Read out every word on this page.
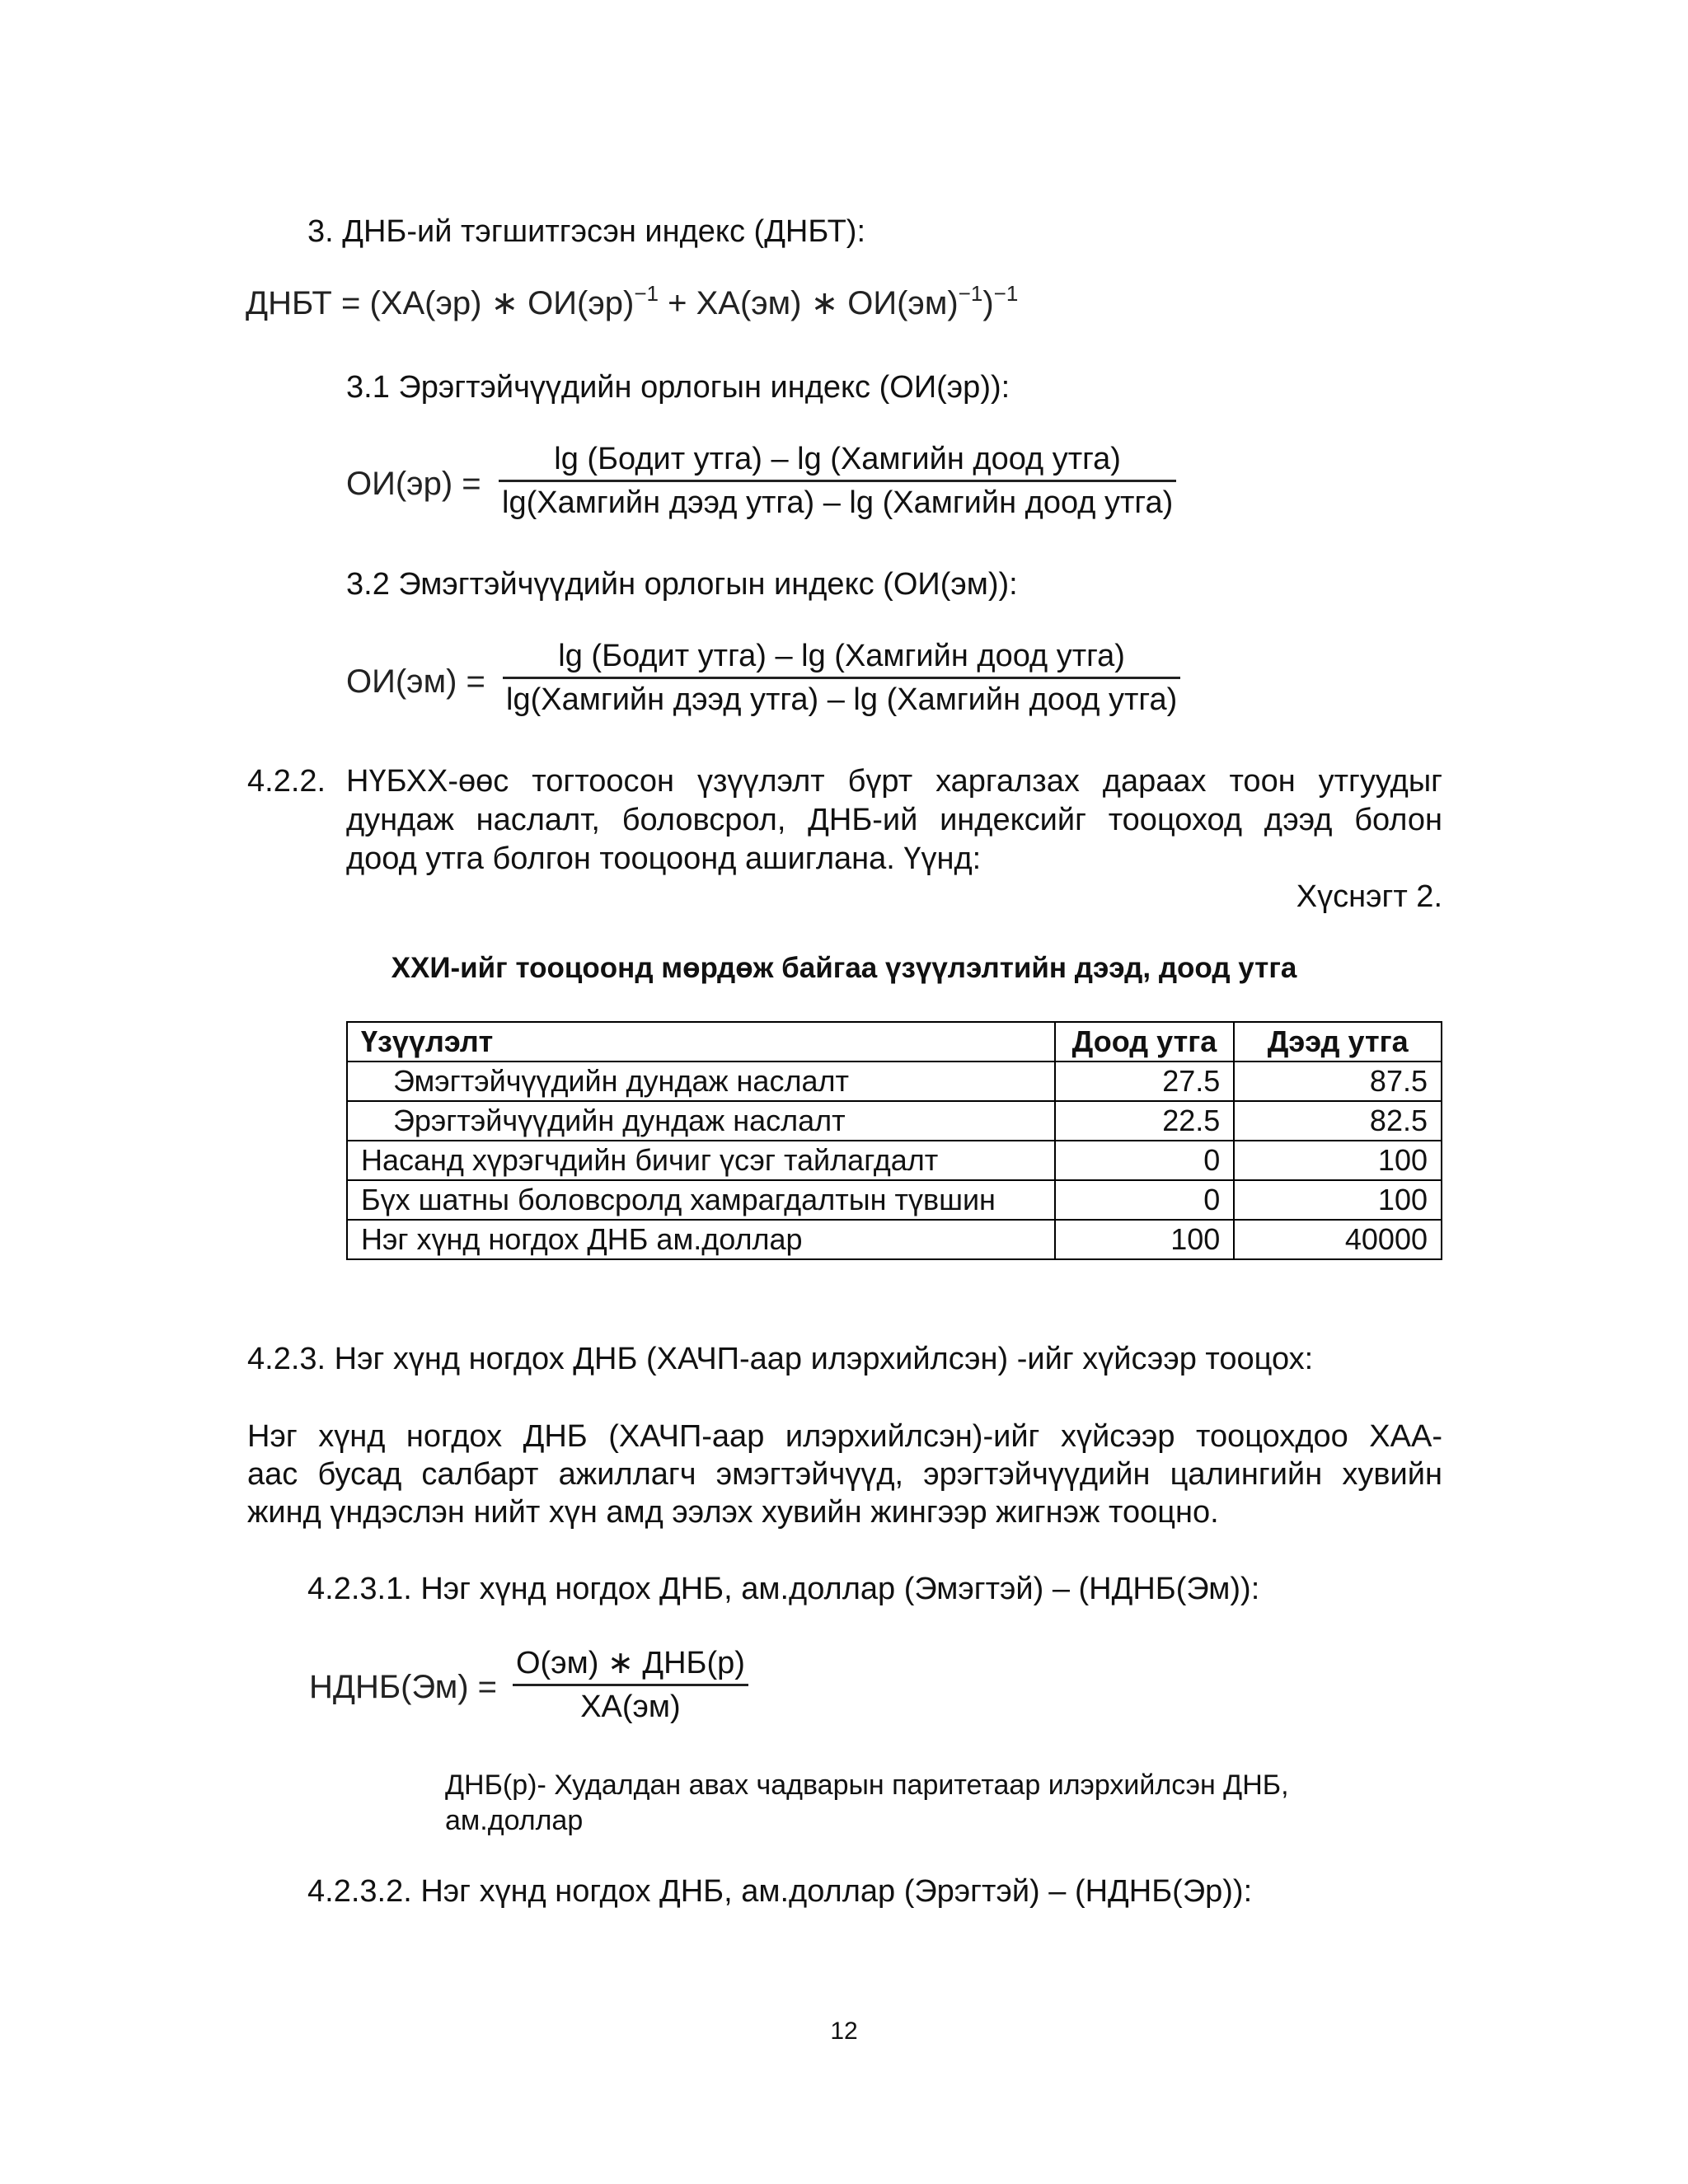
3. ДНБ-ий тэгшитгэсэн индекс (ДНБТ):
ДНБТ = (ХА(эр) ∗ ОИ(эр)$^{-1}$ + ХА(эм) ∗ ОИ(эм)$^{-1}$)$^{-1}$
3.1 Эрэгтэйчүүдийн орлогын индекс (ОИ(эр)):
ОИ(эр) =
lg (Бодит утга) – lg (Хамгийн доод утга)
lg(Хамгийн дээд утга) – lg (Хамгийн доод утга)
3.2 Эмэгтэйчүүдийн орлогын индекс (ОИ(эм)):
ОИ(эм) =
lg (Бодит утга) – lg (Хамгийн доод утга)
lg(Хамгийн дээд утга) – lg (Хамгийн доод утга)
4.2.2. НҮБХХ-өөс тогтоосон үзүүлэлт бүрт харгалзах дараах тоон утгуудыг
дундаж наслалт, боловсрол, ДНБ-ий индексийг тооцоход дээд болон
доод утга болгон тооцоонд ашиглана. Үүнд:
Хүснэгт 2.
ХХИ-ийг тооцоонд мөрдөж байгаа үзүүлэлтийн дээд, доод утга
Үзүүлэлт	Доод утга	Дээд утга
Эмэгтэйчүүдийн дундаж наслалт	27.5	87.5
Эрэгтэйчүүдийн дундаж наслалт	22.5	82.5
Насанд хүрэгчдийн бичиг үсэг тайлагдалт	0	100
Бүх шатны боловсролд хамрагдалтын түвшин	0	100
Нэг хүнд ногдох ДНБ ам.доллар	100	40000
4.2.3. Нэг хүнд ногдох ДНБ (ХАЧП-аар илэрхийлсэн) -ийг хүйсээр тооцох:
Нэг хүнд ногдох ДНБ (ХАЧП-аар илэрхийлсэн)-ийг хүйсээр тооцохдоо ХАА-
аас бусад салбарт ажиллагч эмэгтэйчүүд, эрэгтэйчүүдийн цалингийн хувийн
жинд үндэслэн нийт хүн амд ээлэх хувийн жингээр жигнэж тооцно.
4.2.3.1. Нэг хүнд ногдох ДНБ, ам.доллар (Эмэгтэй) – (НДНБ(Эм)):
НДНБ(Эм) =
О(эм) ∗ ДНБ(р)
ХА(эм)
ДНБ(р)- Худалдан авах чадварын паритетаар илэрхийлсэн ДНБ,
ам.доллар
4.2.3.2. Нэг хүнд ногдох ДНБ, ам.доллар (Эрэгтэй) – (НДНБ(Эр)):
12
